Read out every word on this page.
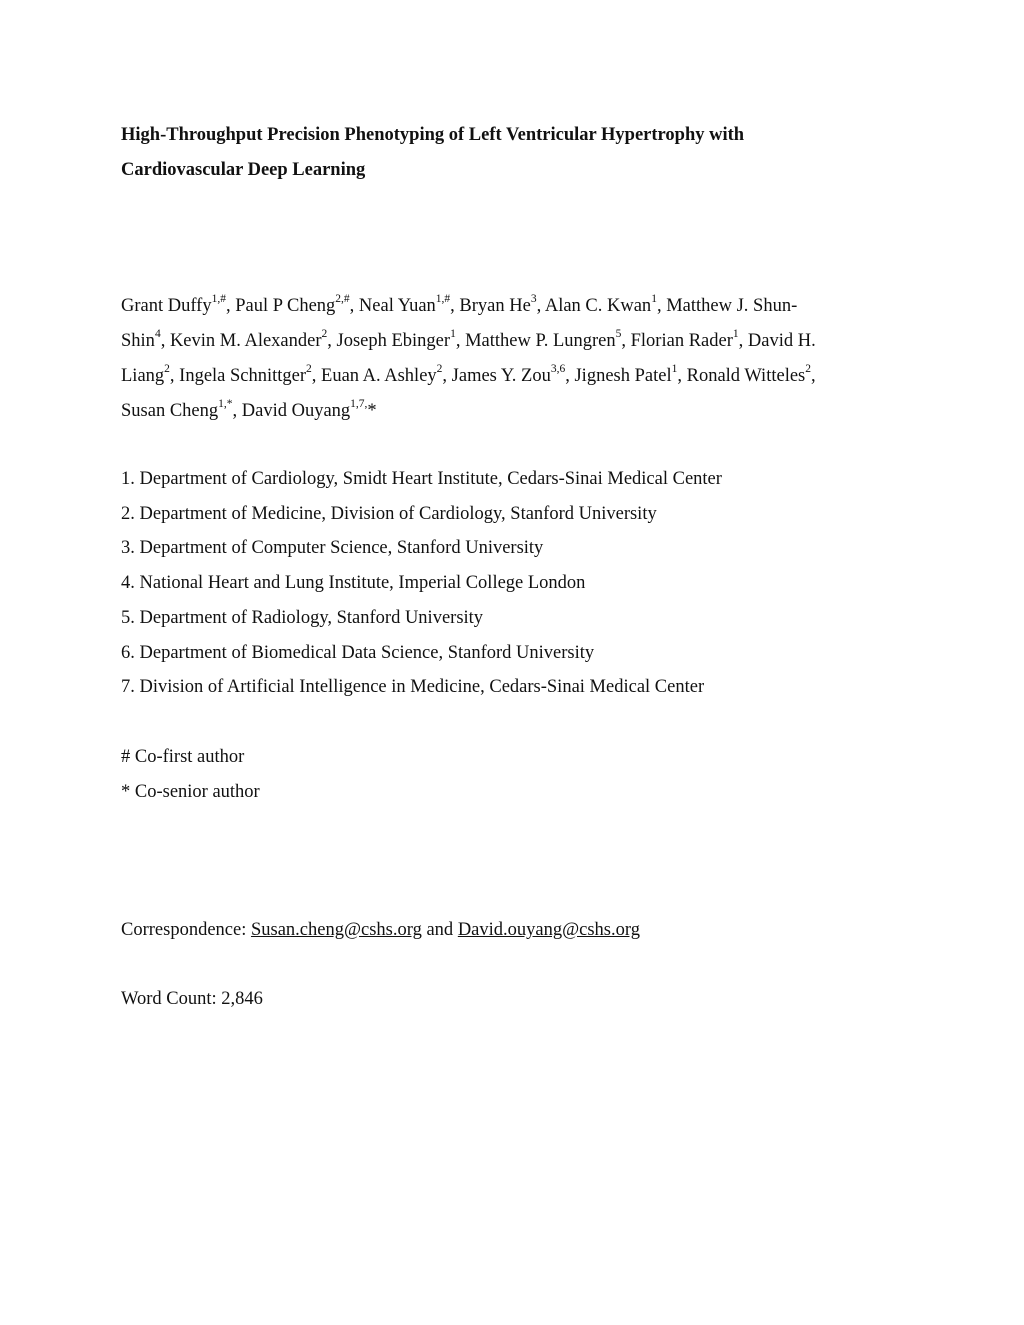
High-Throughput Precision Phenotyping of Left Ventricular Hypertrophy with
Cardiovascular Deep Learning
Grant Duffy$^{1,\#}$, Paul P Cheng$^{2,\#}$, Neal Yuan$^{1,\#}$, Bryan He$^3$, Alan C. Kwan$^1$, Matthew J. Shun-
Shin$^4$, Kevin M. Alexander$^2$, Joseph Ebinger$^1$, Matthew P. Lungren$^5$, Florian Rader$^1$, David H.
Liang$^2$, Ingela Schnittger$^2$, Euan A. Ashley$^2$, James Y. Zou$^{3,6}$, Jignesh Patel$^1$, Ronald Witteles$^2$,
Susan Cheng$^{1,*}$, David Ouyang$^{1,7,}$*
1. Department of Cardiology, Smidt Heart Institute, Cedars-Sinai Medical Center
2. Department of Medicine, Division of Cardiology, Stanford University
3. Department of Computer Science, Stanford University
4. National Heart and Lung Institute, Imperial College London
5. Department of Radiology, Stanford University
6. Department of Biomedical Data Science, Stanford University
7. Division of Artificial Intelligence in Medicine, Cedars-Sinai Medical Center
# Co-first author
* Co-senior author
Correspondence: Susan.cheng@cshs.org and David.ouyang@cshs.org
Word Count: 2,846
